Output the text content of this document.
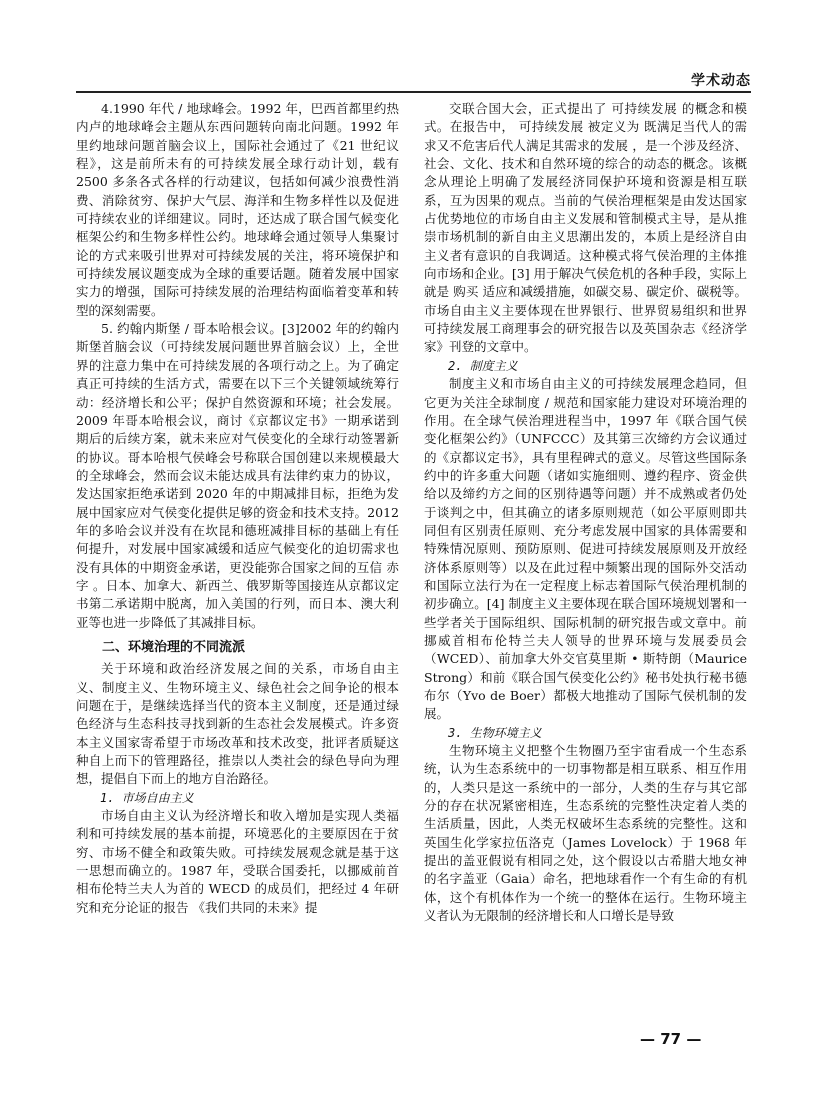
学术动态

4.1990 年代 / 地球峰会。1992 年，巴西首都里约热内卢的地球峰会主题从东西问题转向南北问题。1992 年里约地球问题首脑会议上，国际社会通过了《21 世纪议程》，这是前所未有的可持续发展全球行动计划，载有 2500 多条各式各样的行动建议，包括如何减少浪费性消费、消除贫穷、保护大气层、海洋和生物多样性以及促进可持续农业的详细建议。同时，还达成了联合国气候变化框架公约和生物多样性公约。地球峰会通过领导人集聚讨论的方式来吸引世界对可持续发展的关注，将环境保护和可持续发展议题变成为全球的重要话题。随着发展中国家实力的增强，国际可持续发展的治理结构面临着变革和转型的深刻需要。

5. 约翰内斯堡 / 哥本哈根会议。[3]2002 年的约翰内斯堡首脑会议（可持续发展问题世界首脑会议）上，全世界的注意力集中在可持续发展的各项行动之上。为了确定真正可持续的生活方式，需要在以下三个关键领域统筹行动：经济增长和公平；保护自然资源和环境；社会发展。2009 年哥本哈根会议，商讨《京都议定书》一期承诺到期后的后续方案，就未来应对气侯变化的全球行动签署新的协议。哥本哈根气侯峰会号称联合国创建以来规模最大的全球峰会，然而会议未能达成具有法律约束力的协议，发达国家拒绝承诺到 2020 年的中期减排目标，拒绝为发展中国家应对气侯变化提供足够的资金和技术支持。2012 年的多哈会议并没有在坎昆和德班减排目标的基础上有任何提升，对发展中国家减缓和适应气候变化的迫切需求也没有具体的中期资金承诺，更没能弥合国家之间的互信 赤字 。日本、加拿大、新西兰、俄罗斯等国接连从京都议定书第二承诺期中脱离，加入美国的行列，而日本、澳大利亚等也进一步降低了其减排目标。

二、环境治理的不同流派

关于环境和政治经济发展之间的关系，市场自由主义、制度主义、生物环境主义、绿色社会之间争论的根本问题在于，是继续选择当代的资本主义制度，还是通过绿色经济与生态科技寻找到新的生态社会发展模式。许多资本主义国家寄希望于市场改革和技术改变，批评者质疑这种自上而下的管理路径，推崇以人类社会的绿色导向为理想，提倡自下而上的地方自治路径。

1. 市场自由主义

市场自由主义认为经济增长和收入增加是实现人类福利和可持续发展的基本前提，环境恶化的主要原因在于贫穷、市场不健全和政策失败。可持续发展观念就是基于这一思想而确立的。1987 年，受联合国委托，以挪威前首相布伦特兰夫人为首的 WECD 的成员们，把经过 4 年研究和充分论证的报告 《我们共同的未来》提

交联合国大会，正式提出了 可持续发展 的概念和模式。在报告中， 可持续发展 被定义为 既满足当代人的需求又不危害后代人满足其需求的发展 ，是一个涉及经济、社会、文化、技术和自然环境的综合的动态的概念。该概念从理论上明确了发展经济同保护环境和资源是相互联系，互为因果的观点。当前的气侯治理框架是由发达国家占优势地位的市场自由主义发展和管制模式主导，是从推崇市场机制的新自由主义思潮出发的，本质上是经济自由主义者有意识的自我调适。这种模式将气侯治理的主体推向市场和企业。[3] 用于解决气侯危机的各种手段，实际上就是 购买 适应和减缓措施，如碳交易、碳定价、碳税等。市场自由主义主要体现在世界银行、世界贸易组织和世界可持续发展工商理事会的研究报告以及英国杂志《经济学家》刊登的文章中。

2. 制度主义

制度主义和市场自由主义的可持续发展理念趋同，但它更为关注全球制度 / 规范和国家能力建设对环境治理的作用。在全球气侯治理进程当中，1997 年《联合国气侯变化框架公约》（UNFCCC）及其第三次缔约方会议通过的《京都议定书》，具有里程碑式的意义。尽管这些国际条约中的许多重大问题（诸如实施细则、遵约程序、资金供给以及缔约方之间的区别待遇等问题）并不成熟或者仍处于谈判之中，但其确立的诸多原则规范（如公平原则即共同但有区别责任原则、充分考虑发展中国家的具体需要和特殊情况原则、预防原则、促进可持续发展原则及开放经济体系原则等）以及在此过程中频繁出现的国际外交活动和国际立法行为在一定程度上标志着国际气侯治理机制的初步确立。[4] 制度主义主要体现在联合国环境规划署和一些学者关于国际组织、国际机制的研究报告或文章中。前挪威首相布伦特兰夫人领导的世界环境与发展委员会（WCED）、前加拿大外交官莫里斯 • 斯特朗（Maurice Strong）和前《联合国气侯变化公约》秘书处执行秘书德布尔（Yvo de Boer）都极大地推动了国际气侯机制的发展。

3. 生物环境主义

生物环境主义把整个生物圈乃至宇宙看成一个生态系统，认为生态系统中的一切事物都是相互联系、相互作用的，人类只是这一系统中的一部分，人类的生存与其它部分的存在状况紧密相连，生态系统的完整性决定着人类的生活质量，因此，人类无权破坏生态系统的完整性。这和英国生化学家拉伍洛克（James Lovelock）于 1968 年提出的盖亚假说有相同之处，这个假设以古希腊大地女神的名字盖亚（Gaia）命名，把地球看作一个有生命的有机体，这个有机体作为一个统一的整体在运行。生物环境主义者认为无限制的经济增长和人口增长是导致

— 77 —
